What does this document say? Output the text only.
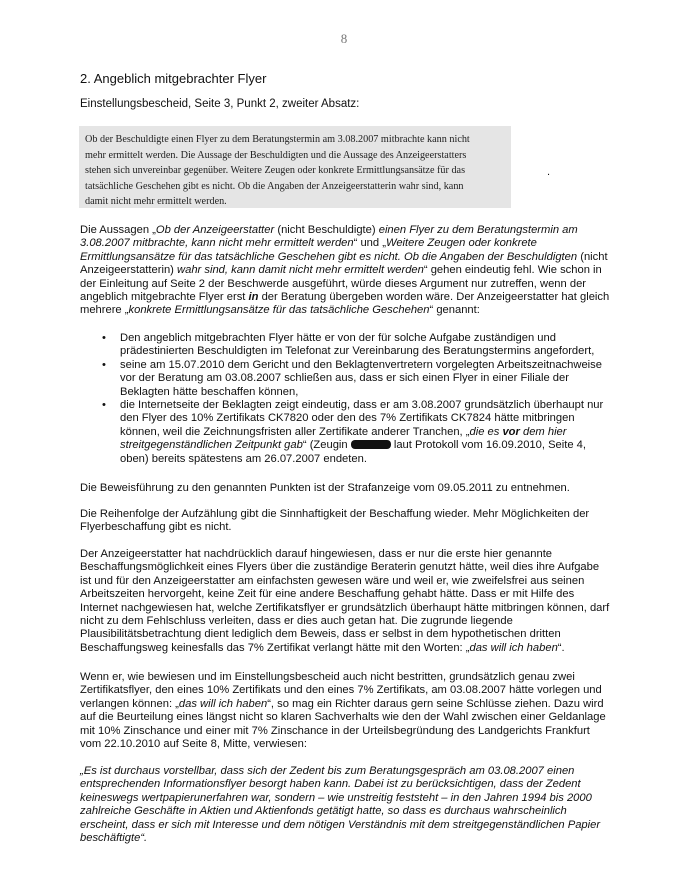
8
2. Angeblich mitgebrachter Flyer
Einstellungsbescheid, Seite 3, Punkt 2, zweiter Absatz:
Ob der Beschuldigte einen Flyer zu dem Beratungstermin am 3.08.2007 mitbrachte kann nicht
mehr ermittelt werden. Die Aussage der Beschuldigten und die Aussage des Anzeigeerstatters
stehen sich unvereinbar gegenüber. Weitere Zeugen oder konkrete Ermittlungsansätze für das
tatsächliche Geschehen gibt es nicht. Ob die Angaben der Anzeigeerstatterin wahr sind, kann
damit nicht mehr ermittelt werden.
.
Die Aussagen „Ob der Anzeigeerstatter (nicht Beschuldigte) einen Flyer zu dem Beratungstermin am 3.08.2007 mitbrachte, kann nicht mehr ermittelt werden“ und „Weitere Zeugen oder konkrete Ermittlungsansätze für das tatsächliche Geschehen gibt es nicht. Ob die Angaben der Beschuldigten (nicht Anzeigeerstatterin) wahr sind, kann damit nicht mehr ermittelt werden“ gehen eindeutig fehl. Wie schon in der Einleitung auf Seite 2 der Beschwerde ausgeführt, würde dieses Argument nur zutreffen, wenn der angeblich mitgebrachte Flyer erst in der Beratung übergeben worden wäre. Der Anzeigeerstatter hat gleich mehrere „konkrete Ermittlungsansätze für das tatsächliche Geschehen“ genannt:
• Den angeblich mitgebrachten Flyer hätte er von der für solche Aufgabe zuständigen und prädestinierten Beschuldigten im Telefonat zur Vereinbarung des Beratungstermins angefordert,
• seine am 15.07.2010 dem Gericht und den Beklagtenvertretern vorgelegten Arbeitszeitnachweise vor der Beratung am 03.08.2007 schließen aus, dass er sich einen Flyer in einer Filiale der Beklagten hätte beschaffen können,
• die Internetseite der Beklagten zeigt eindeutig, dass er am 3.08.2007 grundsätzlich überhaupt nur den Flyer des 10% Zertifikats CK7820 oder den des 7% Zertifikats CK7824 hätte mitbringen können, weil die Zeichnungsfristen aller Zertifikate anderer Tranchen, „die es vor dem hier streitgegenständlichen Zeitpunkt gab“ (Zeugin	laut Protokoll vom 16.09.2010, Seite 4, oben) bereits spätestens am 26.07.2007 endeten.
Die Beweisführung zu den genannten Punkten ist der Strafanzeige vom 09.05.2011 zu entnehmen.
Die Reihenfolge der Aufzählung gibt die Sinnhaftigkeit der Beschaffung wieder. Mehr Möglichkeiten der Flyerbeschaffung gibt es nicht.
Der Anzeigeerstatter hat nachdrücklich darauf hingewiesen, dass er nur die erste hier genannte Beschaffungsmöglichkeit eines Flyers über die zuständige Beraterin genutzt hätte, weil dies ihre Aufgabe ist und für den Anzeigeerstatter am einfachsten gewesen wäre und weil er, wie zweifelsfrei aus seinen Arbeitszeiten hervorgeht, keine Zeit für eine andere Beschaffung gehabt hätte. Dass er mit Hilfe des Internet nachgewiesen hat, welche Zertifikatsflyer er grundsätzlich überhaupt hätte mitbringen können, darf nicht zu dem Fehlschluss verleiten, dass er dies auch getan hat. Die zugrunde liegende Plausibilitätsbetrachtung dient lediglich dem Beweis, dass er selbst in dem hypothetischen dritten Beschaffungsweg keinesfalls das 7% Zertifikat verlangt hätte mit den Worten: „das will ich haben“.
Wenn er, wie bewiesen und im Einstellungsbescheid auch nicht bestritten, grundsätzlich genau zwei Zertifikatsflyer, den eines 10% Zertifikats und den eines 7% Zertifikats, am 03.08.2007 hätte vorlegen und verlangen können: „das will ich haben“, so mag ein Richter daraus gern seine Schlüsse ziehen. Dazu wird auf die Beurteilung eines längst nicht so klaren Sachverhalts wie den der Wahl zwischen einer Geldanlage mit 10% Zinschance und einer mit 7% Zinschance in der Urteilsbegründung des Landgerichts Frankfurt vom 22.10.2010 auf Seite 8, Mitte, verwiesen:
„Es ist durchaus vorstellbar, dass sich der Zedent bis zum Beratungsgespräch am 03.08.2007 einen entsprechenden Informationsflyer besorgt haben kann. Dabei ist zu berücksichtigen, dass der Zedent keineswegs wertpapierunerfahren war, sondern – wie unstreitig feststeht – in den Jahren 1994 bis 2000 zahlreiche Geschäfte in Aktien und Aktienfonds getätigt hatte, so dass es durchaus wahrscheinlich erscheint, dass er sich mit Interesse und dem nötigen Verständnis mit dem streitgegenständlichen Papier beschäftigte“.
